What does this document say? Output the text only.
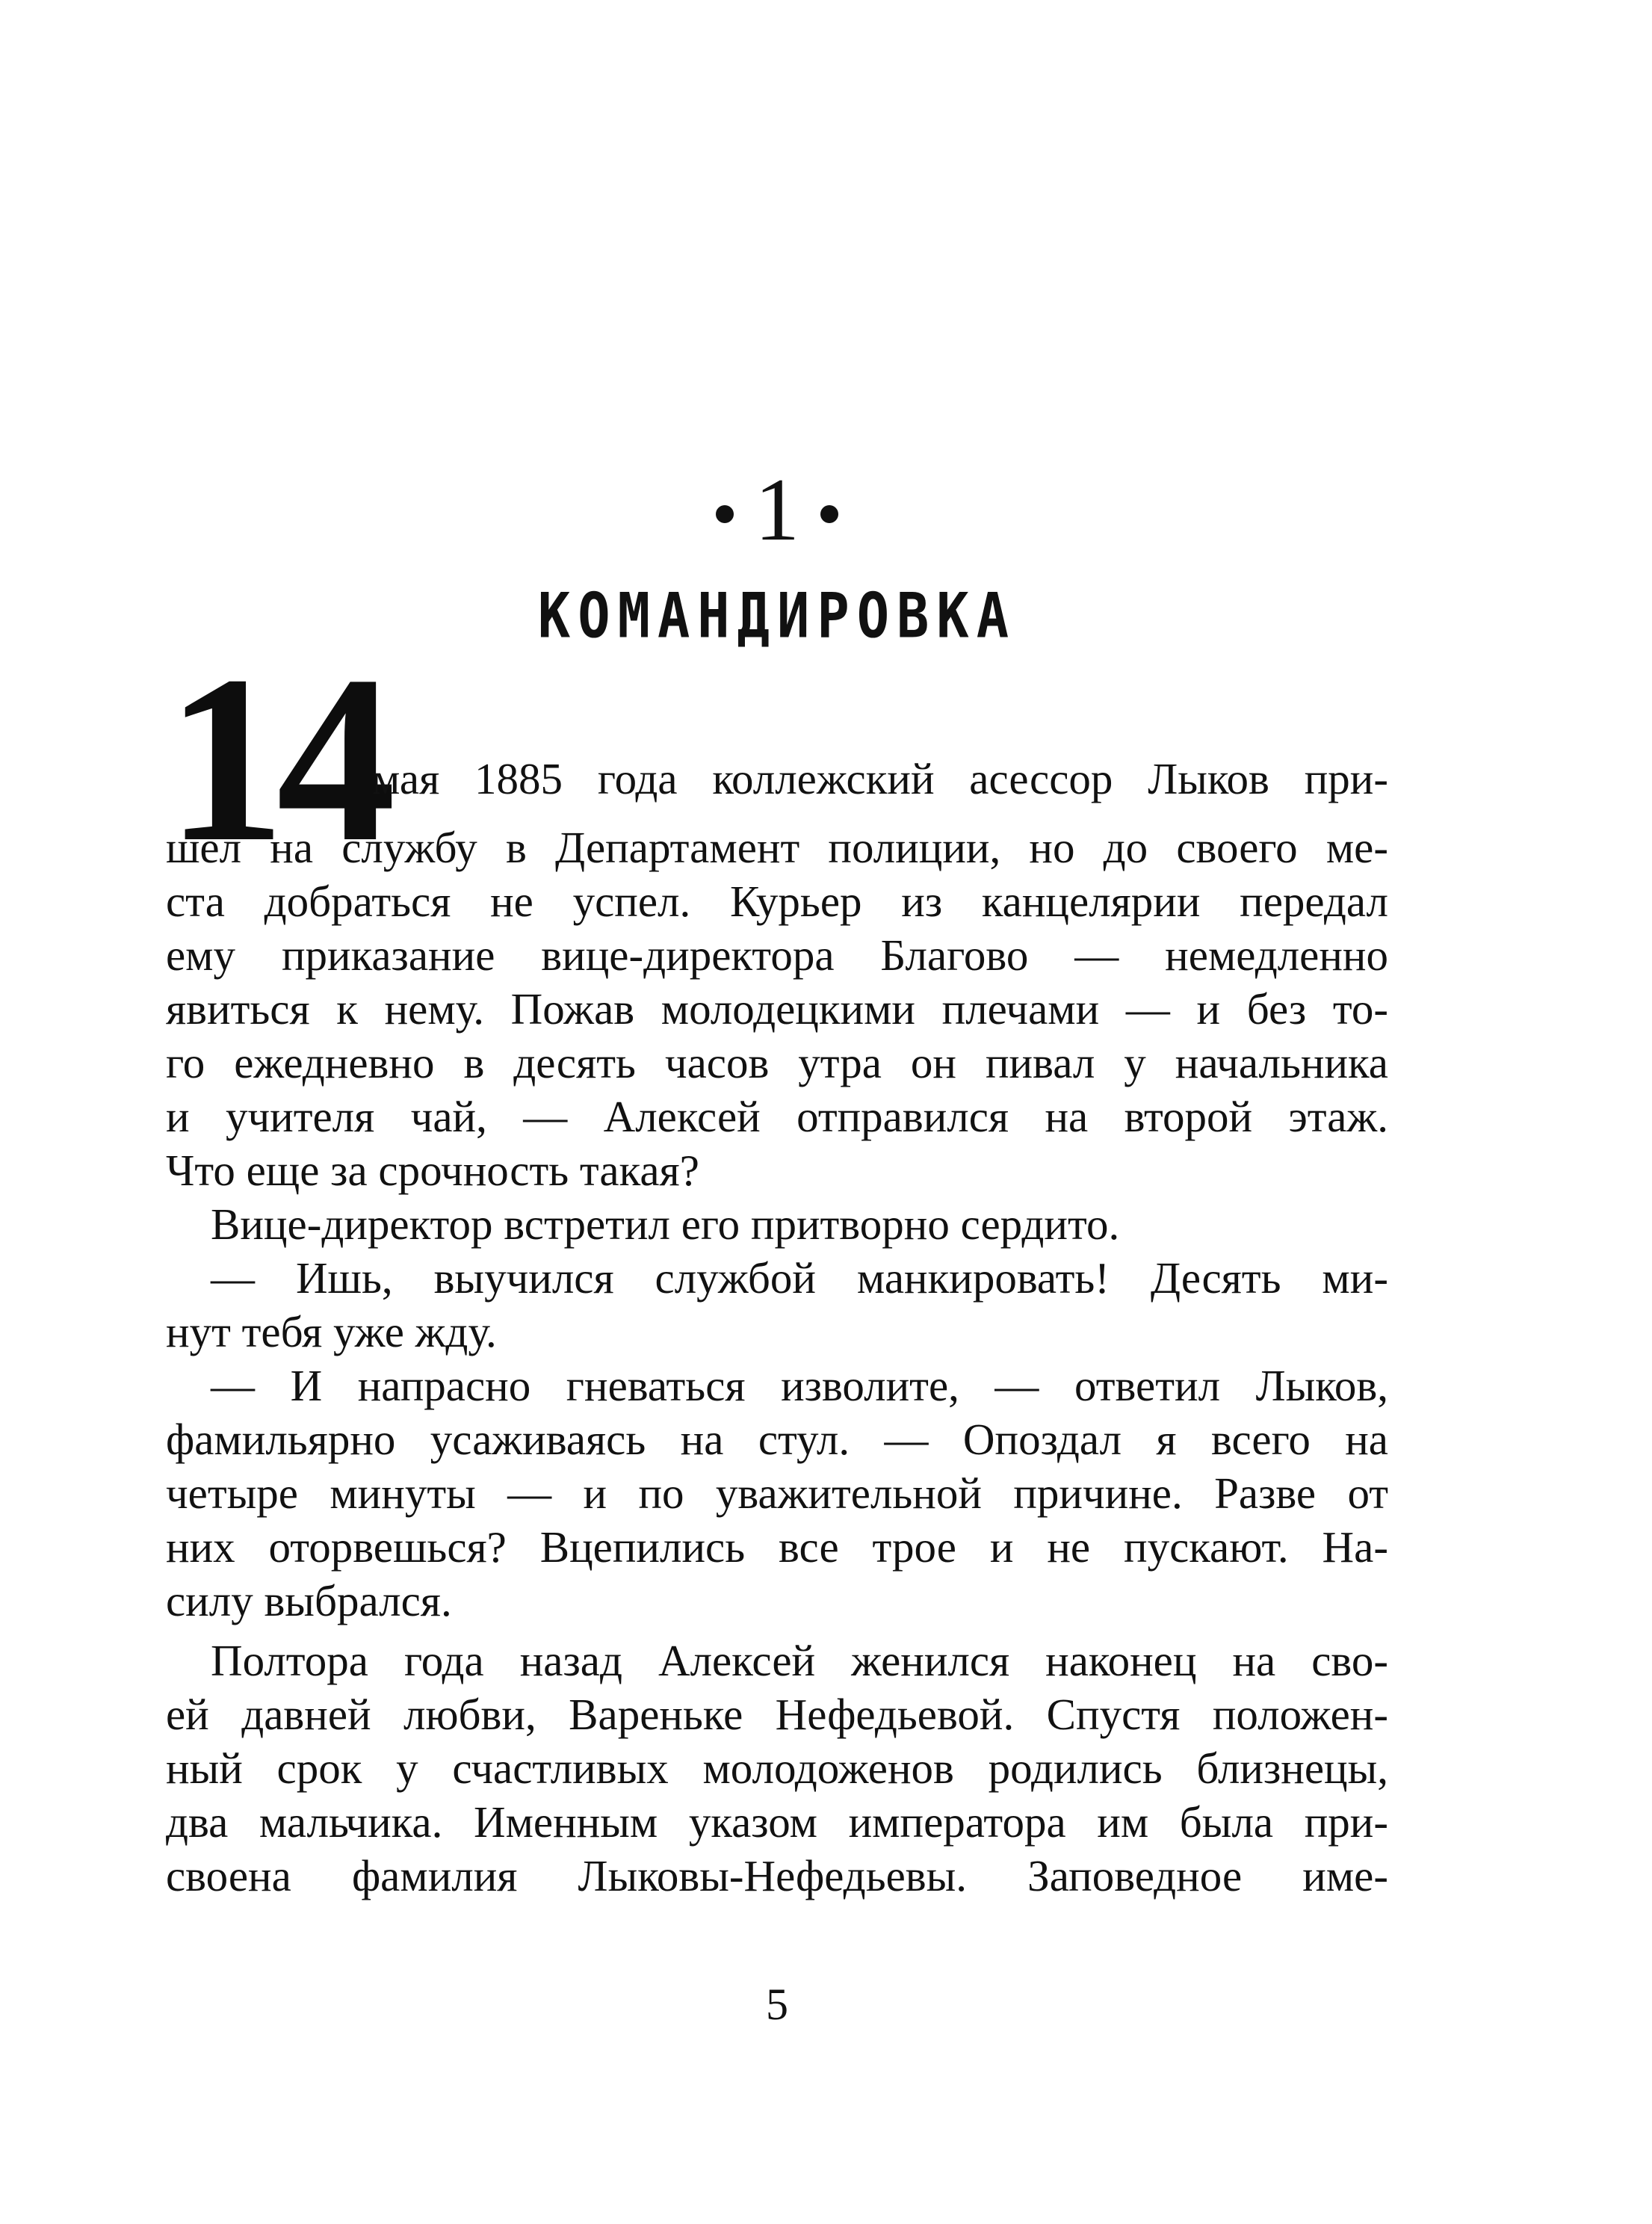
1
КОМАНДИРОВКА
14
мая 1885 года коллежский асессор Лыков при-
шел на службу в Департамент полиции, но до своего ме-
ста добраться не успел. Курьер из канцелярии передал
ему приказание вице-директора Благово — немедленно
явиться к нему. Пожав молодецкими плечами — и без то-
го ежедневно в десять часов утра он пивал у начальника
и учителя чай, — Алексей отправился на второй этаж.
Что еще за срочность такая?
Вице-директор встретил его притворно сердито.
— Ишь, выучился службой манкировать! Десять ми-
нут тебя уже жду.
— И напрасно гневаться изволите, — ответил Лыков,
фамильярно усаживаясь на стул. — Опоздал я всего на
четыре минуты — и по уважительной причине. Разве от
них оторвешься? Вцепились все трое и не пускают. На-
силу выбрался.
Полтора года назад Алексей женился наконец на сво-
ей давней любви, Вареньке Нефедьевой. Спустя положен-
ный срок у счастливых молодоженов родились близнецы,
два мальчика. Именным указом императора им была при-
своена фамилия Лыковы-Нефедьевы. Заповедное име-
5
